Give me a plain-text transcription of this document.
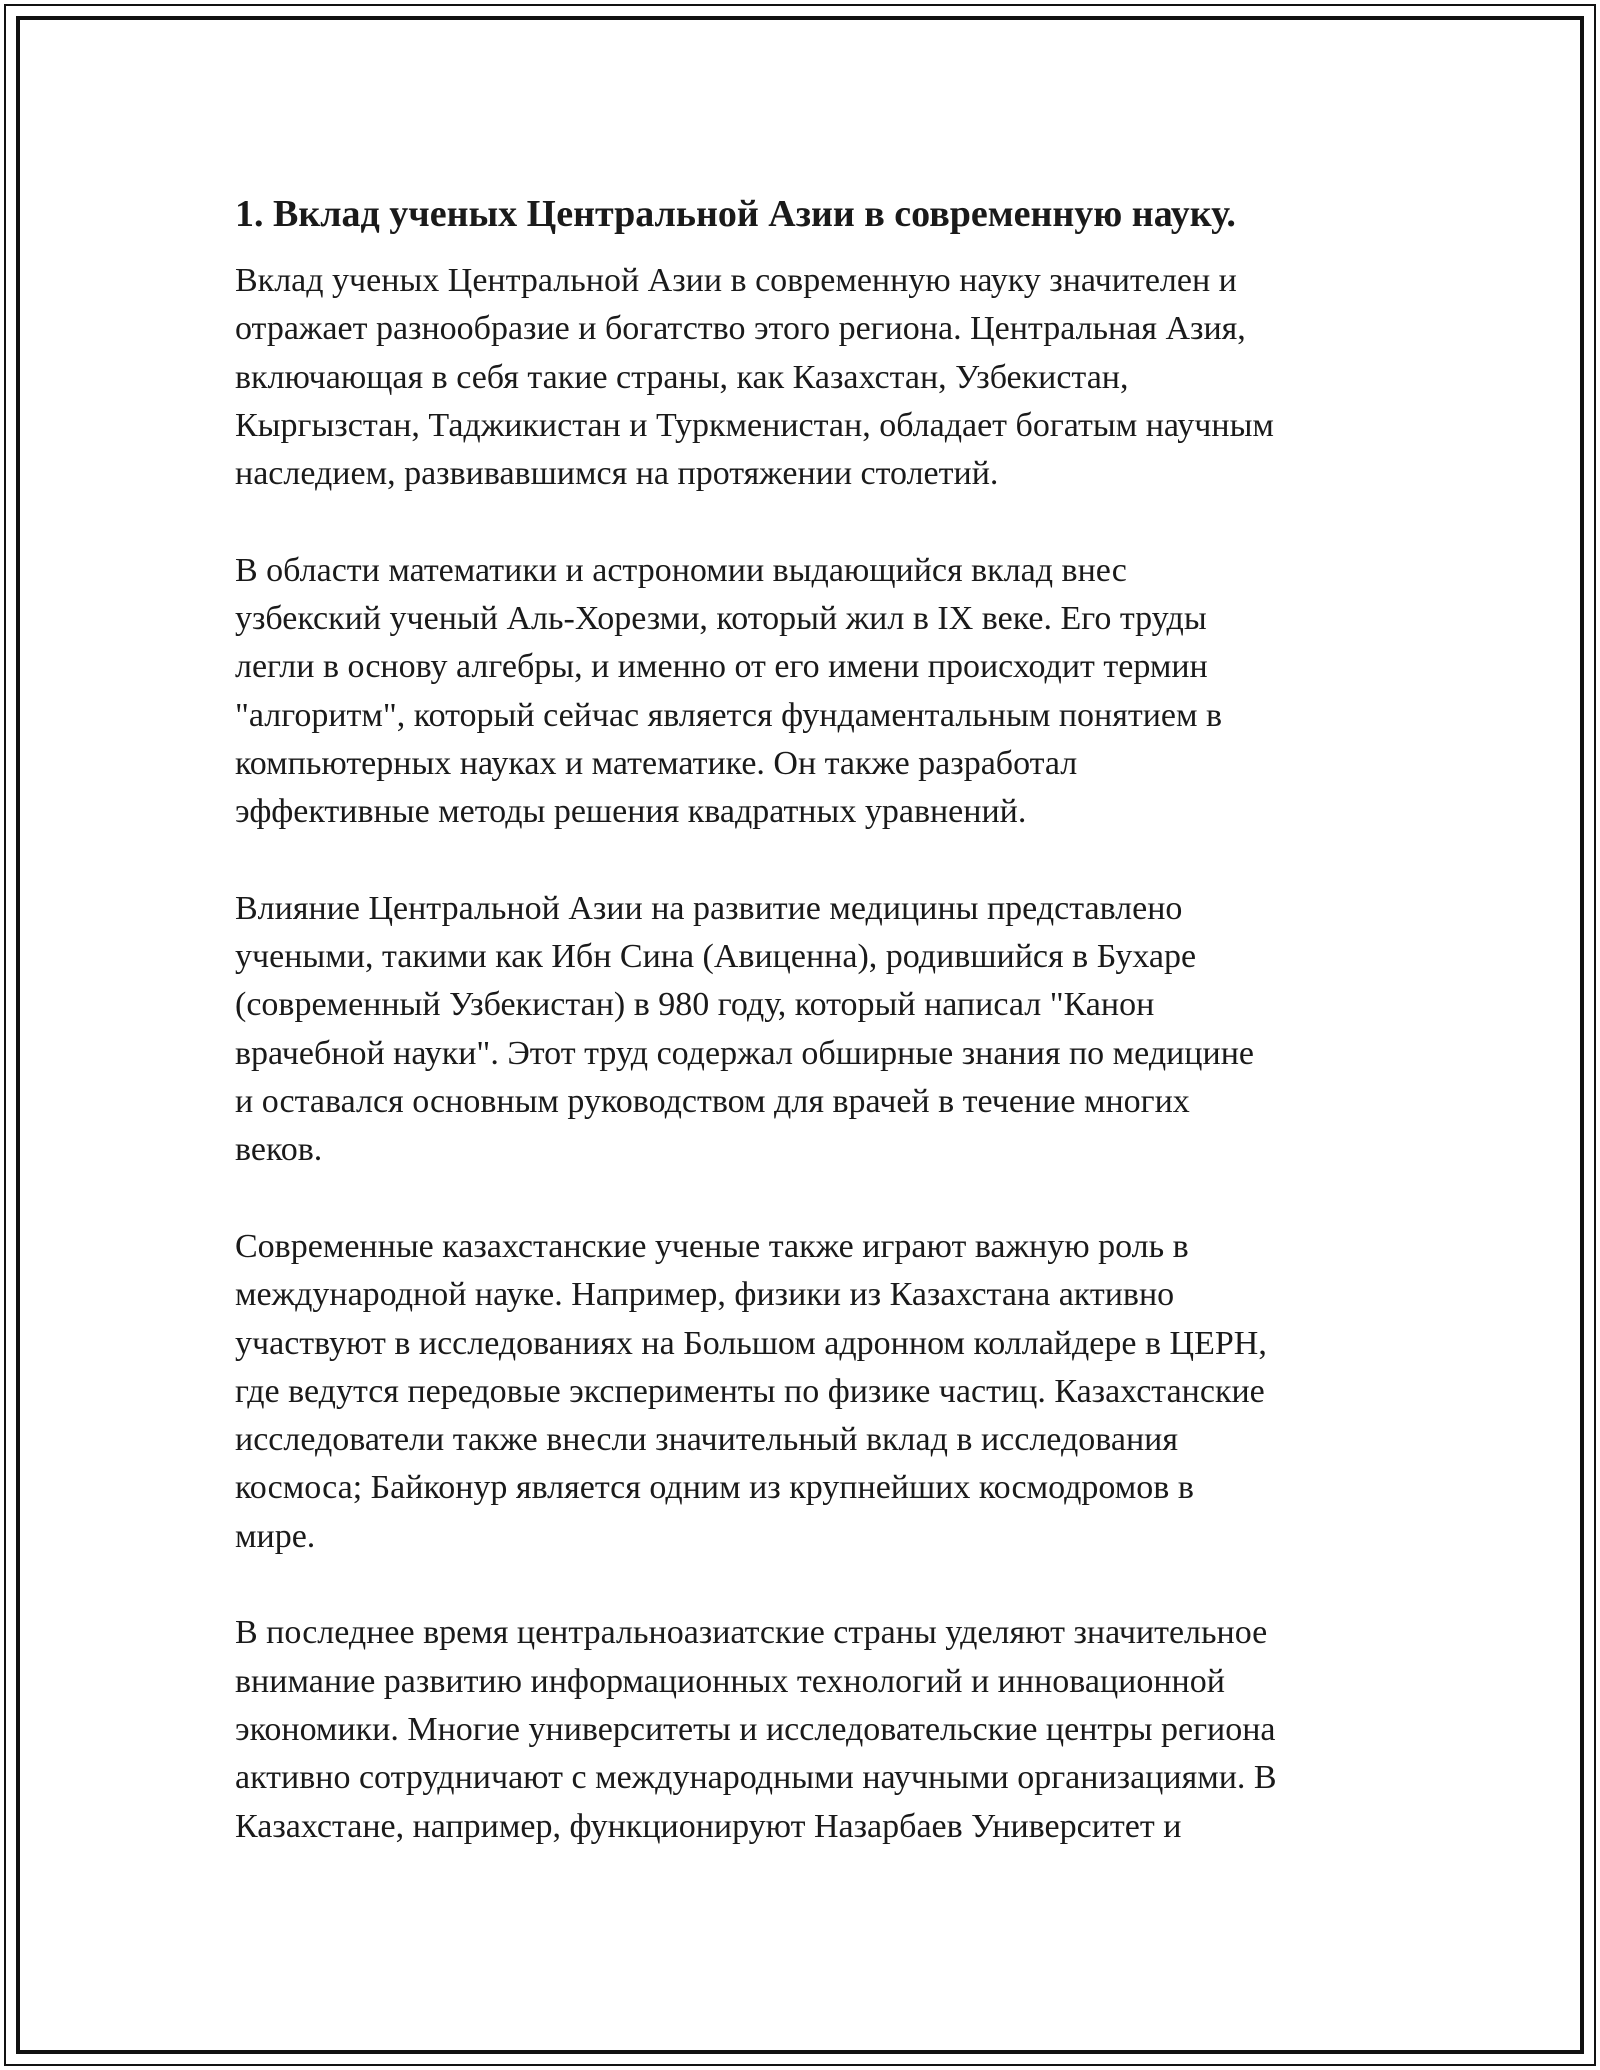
1. Вклад ученых Центральной Азии в современную науку.
Вклад ученых Центральной Азии в современную науку значителен и
отражает разнообразие и богатство этого региона. Центральная Азия,
включающая в себя такие страны, как Казахстан, Узбекистан,
Кыргызстан, Таджикистан и Туркменистан, обладает богатым научным
наследием, развивавшимся на протяжении столетий.
В области математики и астрономии выдающийся вклад внес
узбекский ученый Аль-Хорезми, который жил в IX веке. Его труды
легли в основу алгебры, и именно от его имени происходит термин
"алгоритм", который сейчас является фундаментальным понятием в
компьютерных науках и математике. Он также разработал
эффективные методы решения квадратных уравнений.
Влияние Центральной Азии на развитие медицины представлено
учеными, такими как Ибн Сина (Авиценна), родившийся в Бухаре
(современный Узбекистан) в 980 году, который написал "Канон
врачебной науки". Этот труд содержал обширные знания по медицине
и оставался основным руководством для врачей в течение многих
веков.
Современные казахстанские ученые также играют важную роль в
международной науке. Например, физики из Казахстана активно
участвуют в исследованиях на Большом адронном коллайдере в ЦЕРН,
где ведутся передовые эксперименты по физике частиц. Казахстанские
исследователи также внесли значительный вклад в исследования
космоса; Байконур является одним из крупнейших космодромов в
мире.
В последнее время центральноазиатские страны уделяют значительное
внимание развитию информационных технологий и инновационной
экономики. Многие университеты и исследовательские центры региона
активно сотрудничают с международными научными организациями. В
Казахстане, например, функционируют Назарбаев Университет и
